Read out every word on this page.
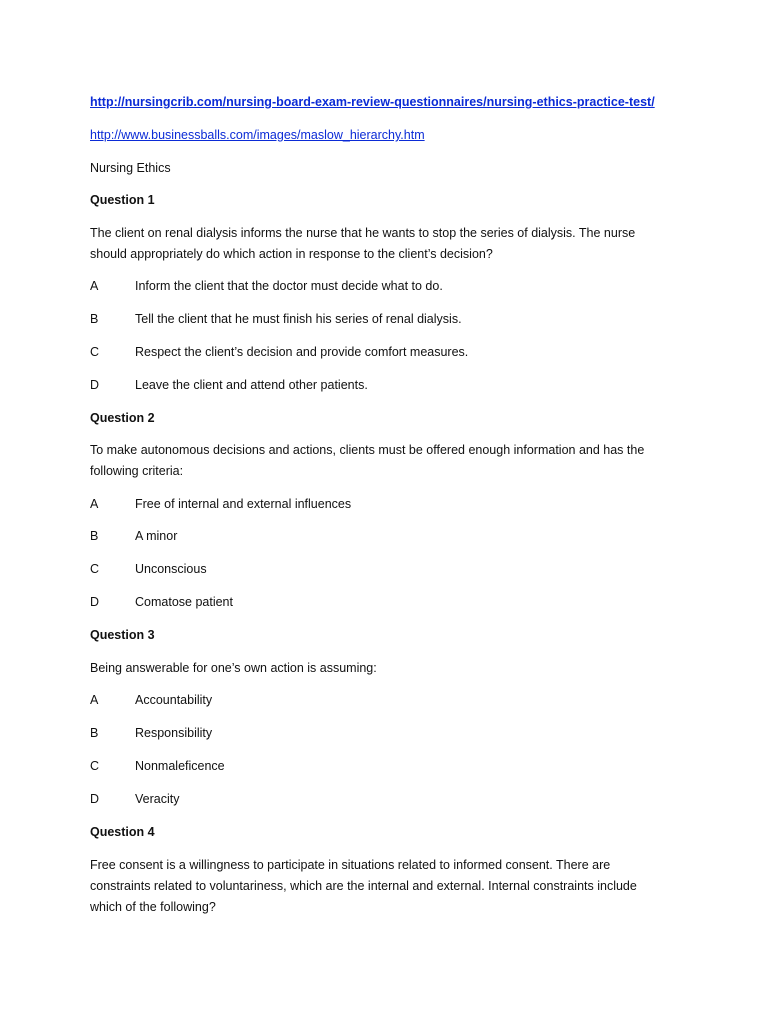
http://nursingcrib.com/nursing-board-exam-review-questionnaires/nursing-ethics-practice-test/

http://www.businessballs.com/images/maslow_hierarchy.htm

Nursing Ethics

Question 1

The client on renal dialysis informs the nurse that he wants to stop the series of dialysis. The nurse

should appropriately do which action in response to the client’s decision?

A	Inform the client that the doctor must decide what to do.

B	Tell the client that he must finish his series of renal dialysis.

C	Respect the client’s decision and provide comfort measures.

D	Leave the client and attend other patients.

Question 2

To make autonomous decisions and actions, clients must be offered enough information and has the

following criteria:

A	Free of internal and external influences

B	A minor

C	Unconscious

D	Comatose patient

Question 3

Being answerable for one’s own action is assuming:

A	Accountability

B	Responsibility

C	Nonmaleficence

D	Veracity

Question 4

Free consent is a willingness to participate in situations related to informed consent. There are

constraints related to voluntariness, which are the internal and external. Internal constraints include

which of the following?
